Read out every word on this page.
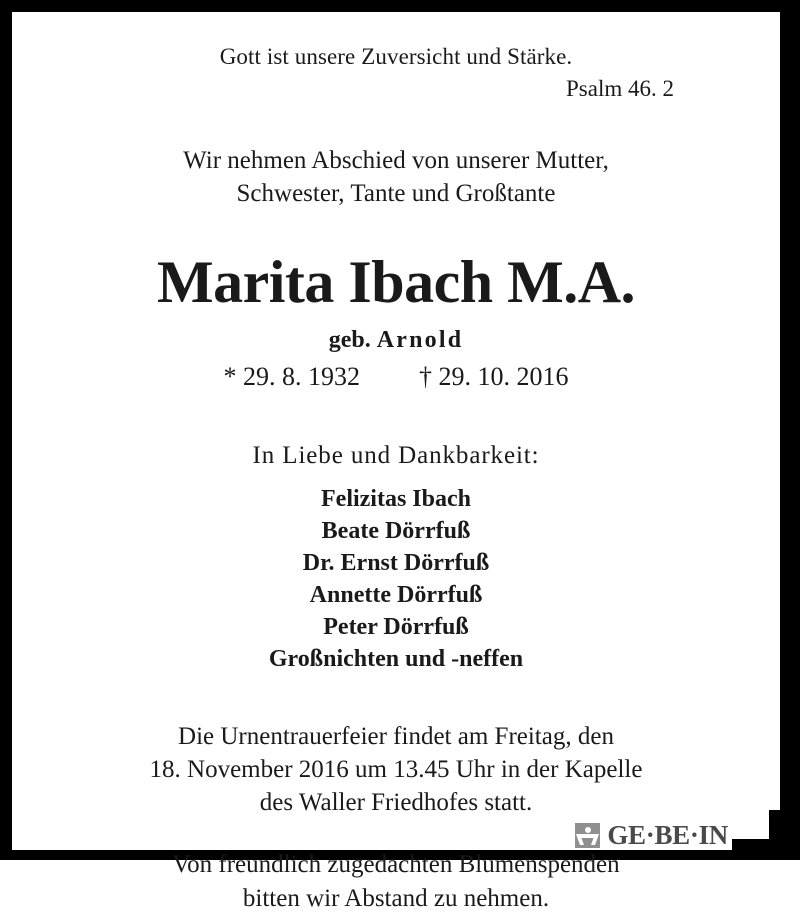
Gott ist unsere Zuversicht und Stärke.
Psalm 46. 2
Wir nehmen Abschied von unserer Mutter,
Schwester, Tante und Großtante
Marita Ibach M.A.
geb. Arnold
* 29. 8. 1932 † 29. 10. 2016
In Liebe und Dankbarkeit:
Felizitas Ibach
Beate Dörrfuß
Dr. Ernst Dörrfuß
Annette Dörrfuß
Peter Dörrfuß
Großnichten und -neffen
Die Urnentrauerfeier findet am Freitag, den
18. November 2016 um 13.45 Uhr in der Kapelle
des Waller Friedhofes statt.
Von freundlich zugedachten Blumenspenden
bitten wir Abstand zu nehmen.
GE·BE·IN
